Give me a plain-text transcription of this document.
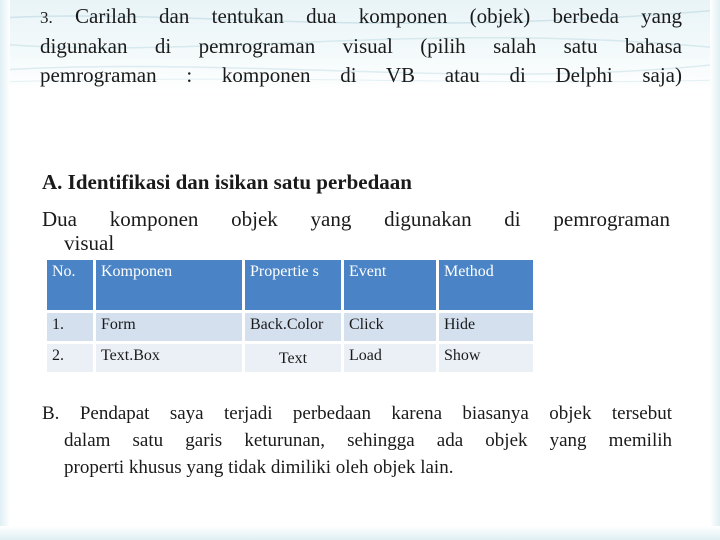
3. Carilah dan tentukan dua komponen (objek) berbeda yang
digunakan di pemrograman visual (pilih salah satu bahasa
pemrograman : komponen di VB atau di Delphi saja)
A. Identifikasi dan isikan satu perbedaan
Dua komponen objek yang digunakan di pemrograman
visual
No.	Komponen	Propertie s	Event	Method
1.	Form	Back.Color	Click	Hide
2.	Text.Box	Text	Load	Show
B. Pendapat saya terjadi perbedaan karena biasanya objek tersebut
dalam satu garis keturunan, sehingga ada objek yang memilih
properti khusus yang tidak dimiliki oleh objek lain.
